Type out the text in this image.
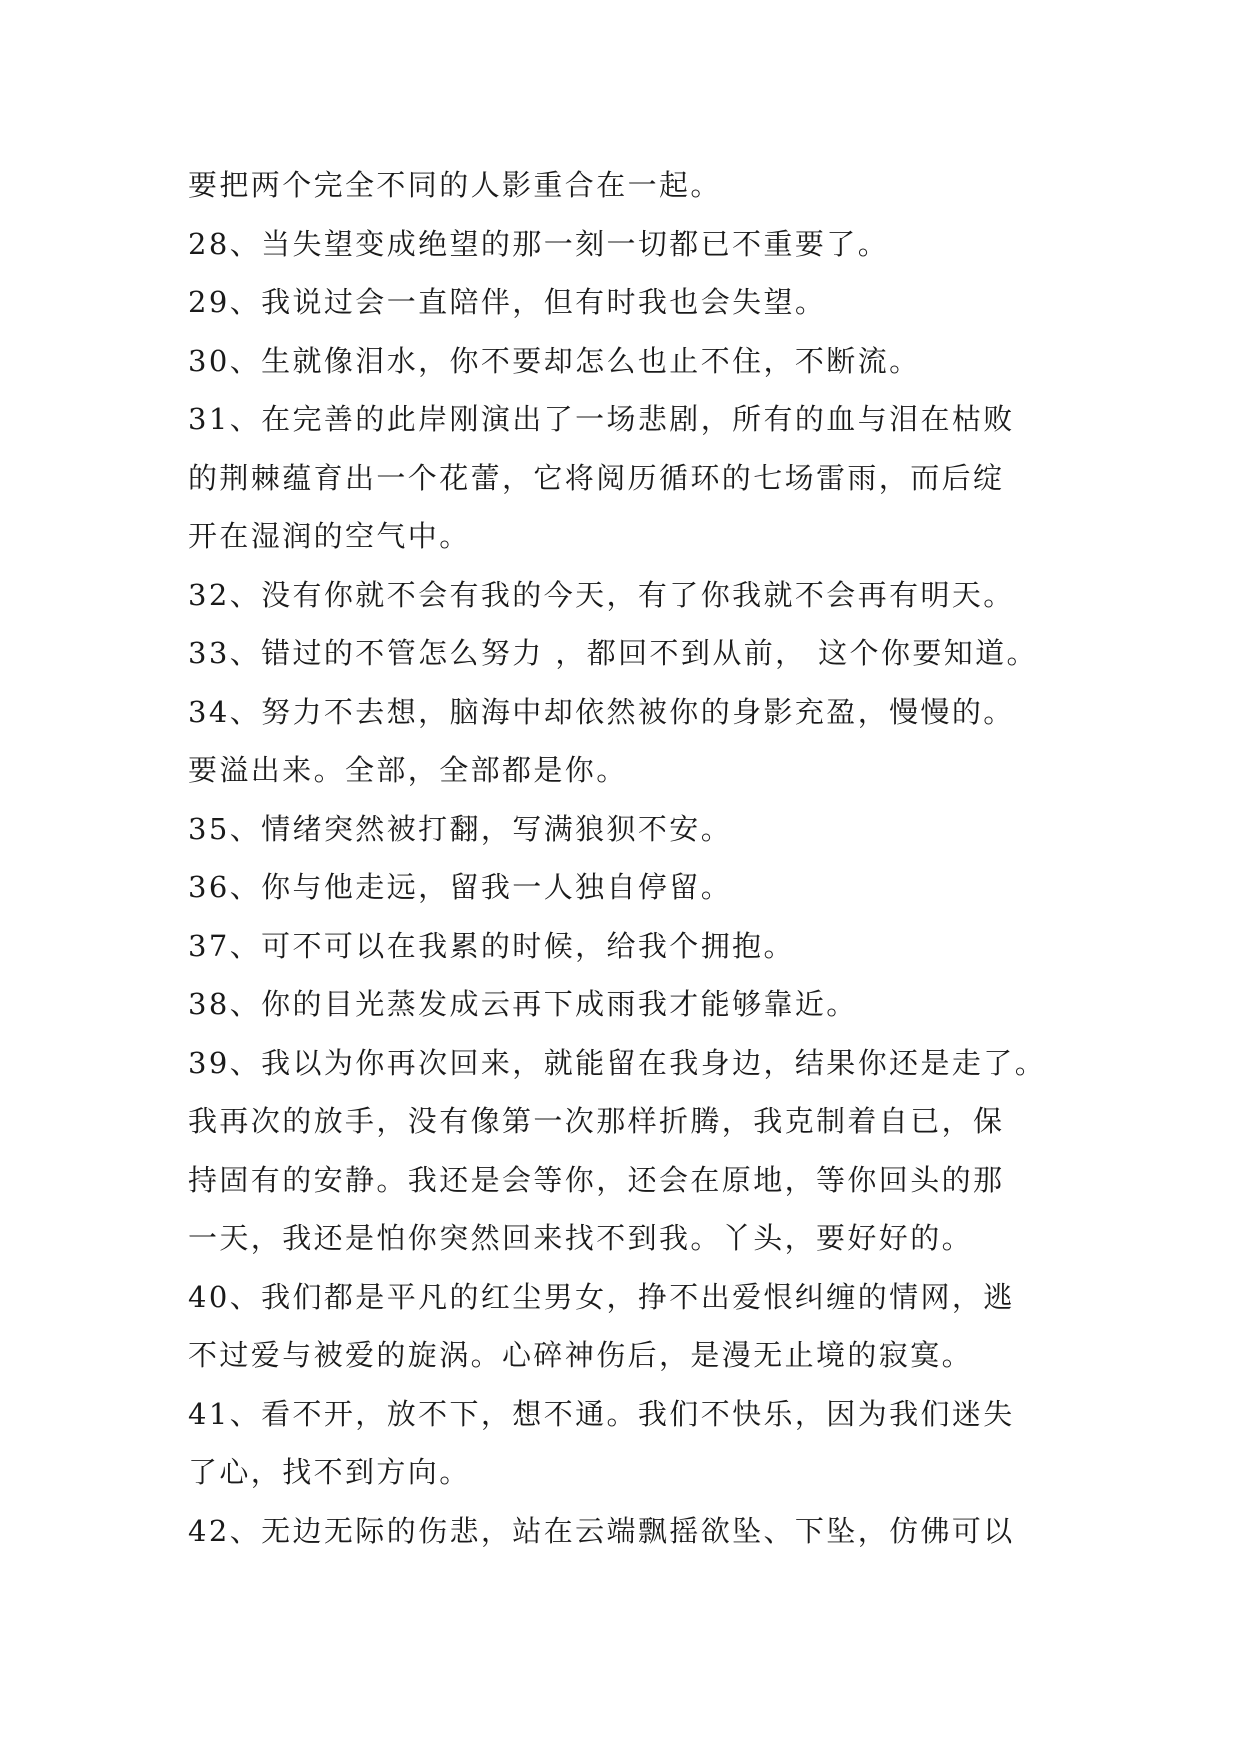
要把两个完全不同的人影重合在一起。
28、当失望变成绝望的那一刻一切都已不重要了。
29、我说过会一直陪伴，但有时我也会失望。
30、生就像泪水，你不要却怎么也止不住，不断流。
31、在完善的此岸刚演出了一场悲剧，所有的血与泪在枯败
的荆棘蕴育出一个花蕾，它将阅历循环的七场雷雨，而后绽
开在湿润的空气中。
32、没有你就不会有我的今天，有了你我就不会再有明天。
33、错过的不管怎么努力 ，都回不到从前， 这个你要知道。
34、努力不去想，脑海中却依然被你的身影充盈，慢慢的。
要溢出来。全部，全部都是你。
35、情绪突然被打翻，写满狼狈不安。
36、你与他走远，留我一人独自停留。
37、可不可以在我累的时候，给我个拥抱。
38、你的目光蒸发成云再下成雨我才能够靠近。
39、我以为你再次回来，就能留在我身边，结果你还是走了。
我再次的放手，没有像第一次那样折腾，我克制着自已，保
持固有的安静。我还是会等你，还会在原地，等你回头的那
一天，我还是怕你突然回来找不到我。丫头，要好好的。
40、我们都是平凡的红尘男女，挣不出爱恨纠缠的情网，逃
不过爱与被爱的旋涡。心碎神伤后，是漫无止境的寂寞。
41、看不开，放不下，想不通。我们不快乐，因为我们迷失
了心，找不到方向。
42、无边无际的伤悲，站在云端飘摇欲坠、下坠，仿佛可以
